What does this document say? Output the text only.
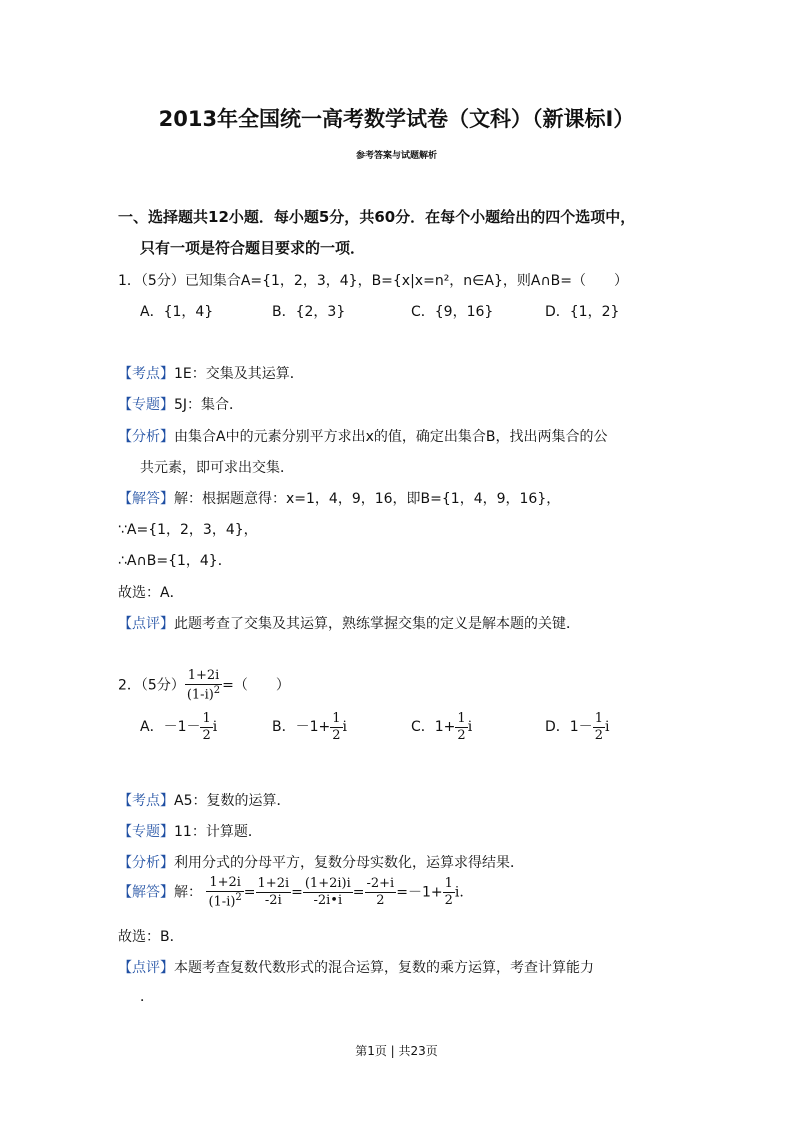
2013年全国统一高考数学试卷（文科）（新课标Ⅰ）
参考答案与试题解析
一、选择题共12小题．每小题5分，共60分．在每个小题给出的四个选项中，
只有一项是符合题目要求的一项．
1．（5分）已知集合A={1，2，3，4}，B={x|x=n²，n∈A}，则A∩B=（　　）
A．{1，4}	B．{2，3}	C．{9，16}	D．{1，2}
【考点】1E：交集及其运算．
【专题】5J：集合．
【分析】由集合A中的元素分别平方求出x的值，确定出集合B，找出两集合的公
共元素，即可求出交集．
【解答】解：根据题意得：x=1，4，9，16，即B={1，4，9，16}，
∵A={1，2，3，4}，
∴A∩B={1，4}．
故选：A．
【点评】此题考查了交集及其运算，熟练掌握交集的定义是解本题的关键．
2．（5分） $\frac{1+2i}{(1-i)^2}$ =（　　）
A．$-1- \frac{1}{2}$ i	B．$-1+ \frac{1}{2}$ i	C．$1+ \frac{1}{2}$ i	D．$1- \frac{1}{2}$ i
【考点】A5：复数的运算．
【专题】11：计算题．
【分析】利用分式的分母平方，复数分母实数化，运算求得结果．
【解答】解： $\frac{1+2i}{(1-i)^2} = \frac{1+2i}{-2i} = \frac{(1+2i)i}{-2i•i} = \frac{-2+i}{2} =-1+ \frac{1}{2} i$.
故选：B．
【点评】本题考查复数代数形式的混合运算，复数的乘方运算，考查计算能力
．
第1页 | 共23页
